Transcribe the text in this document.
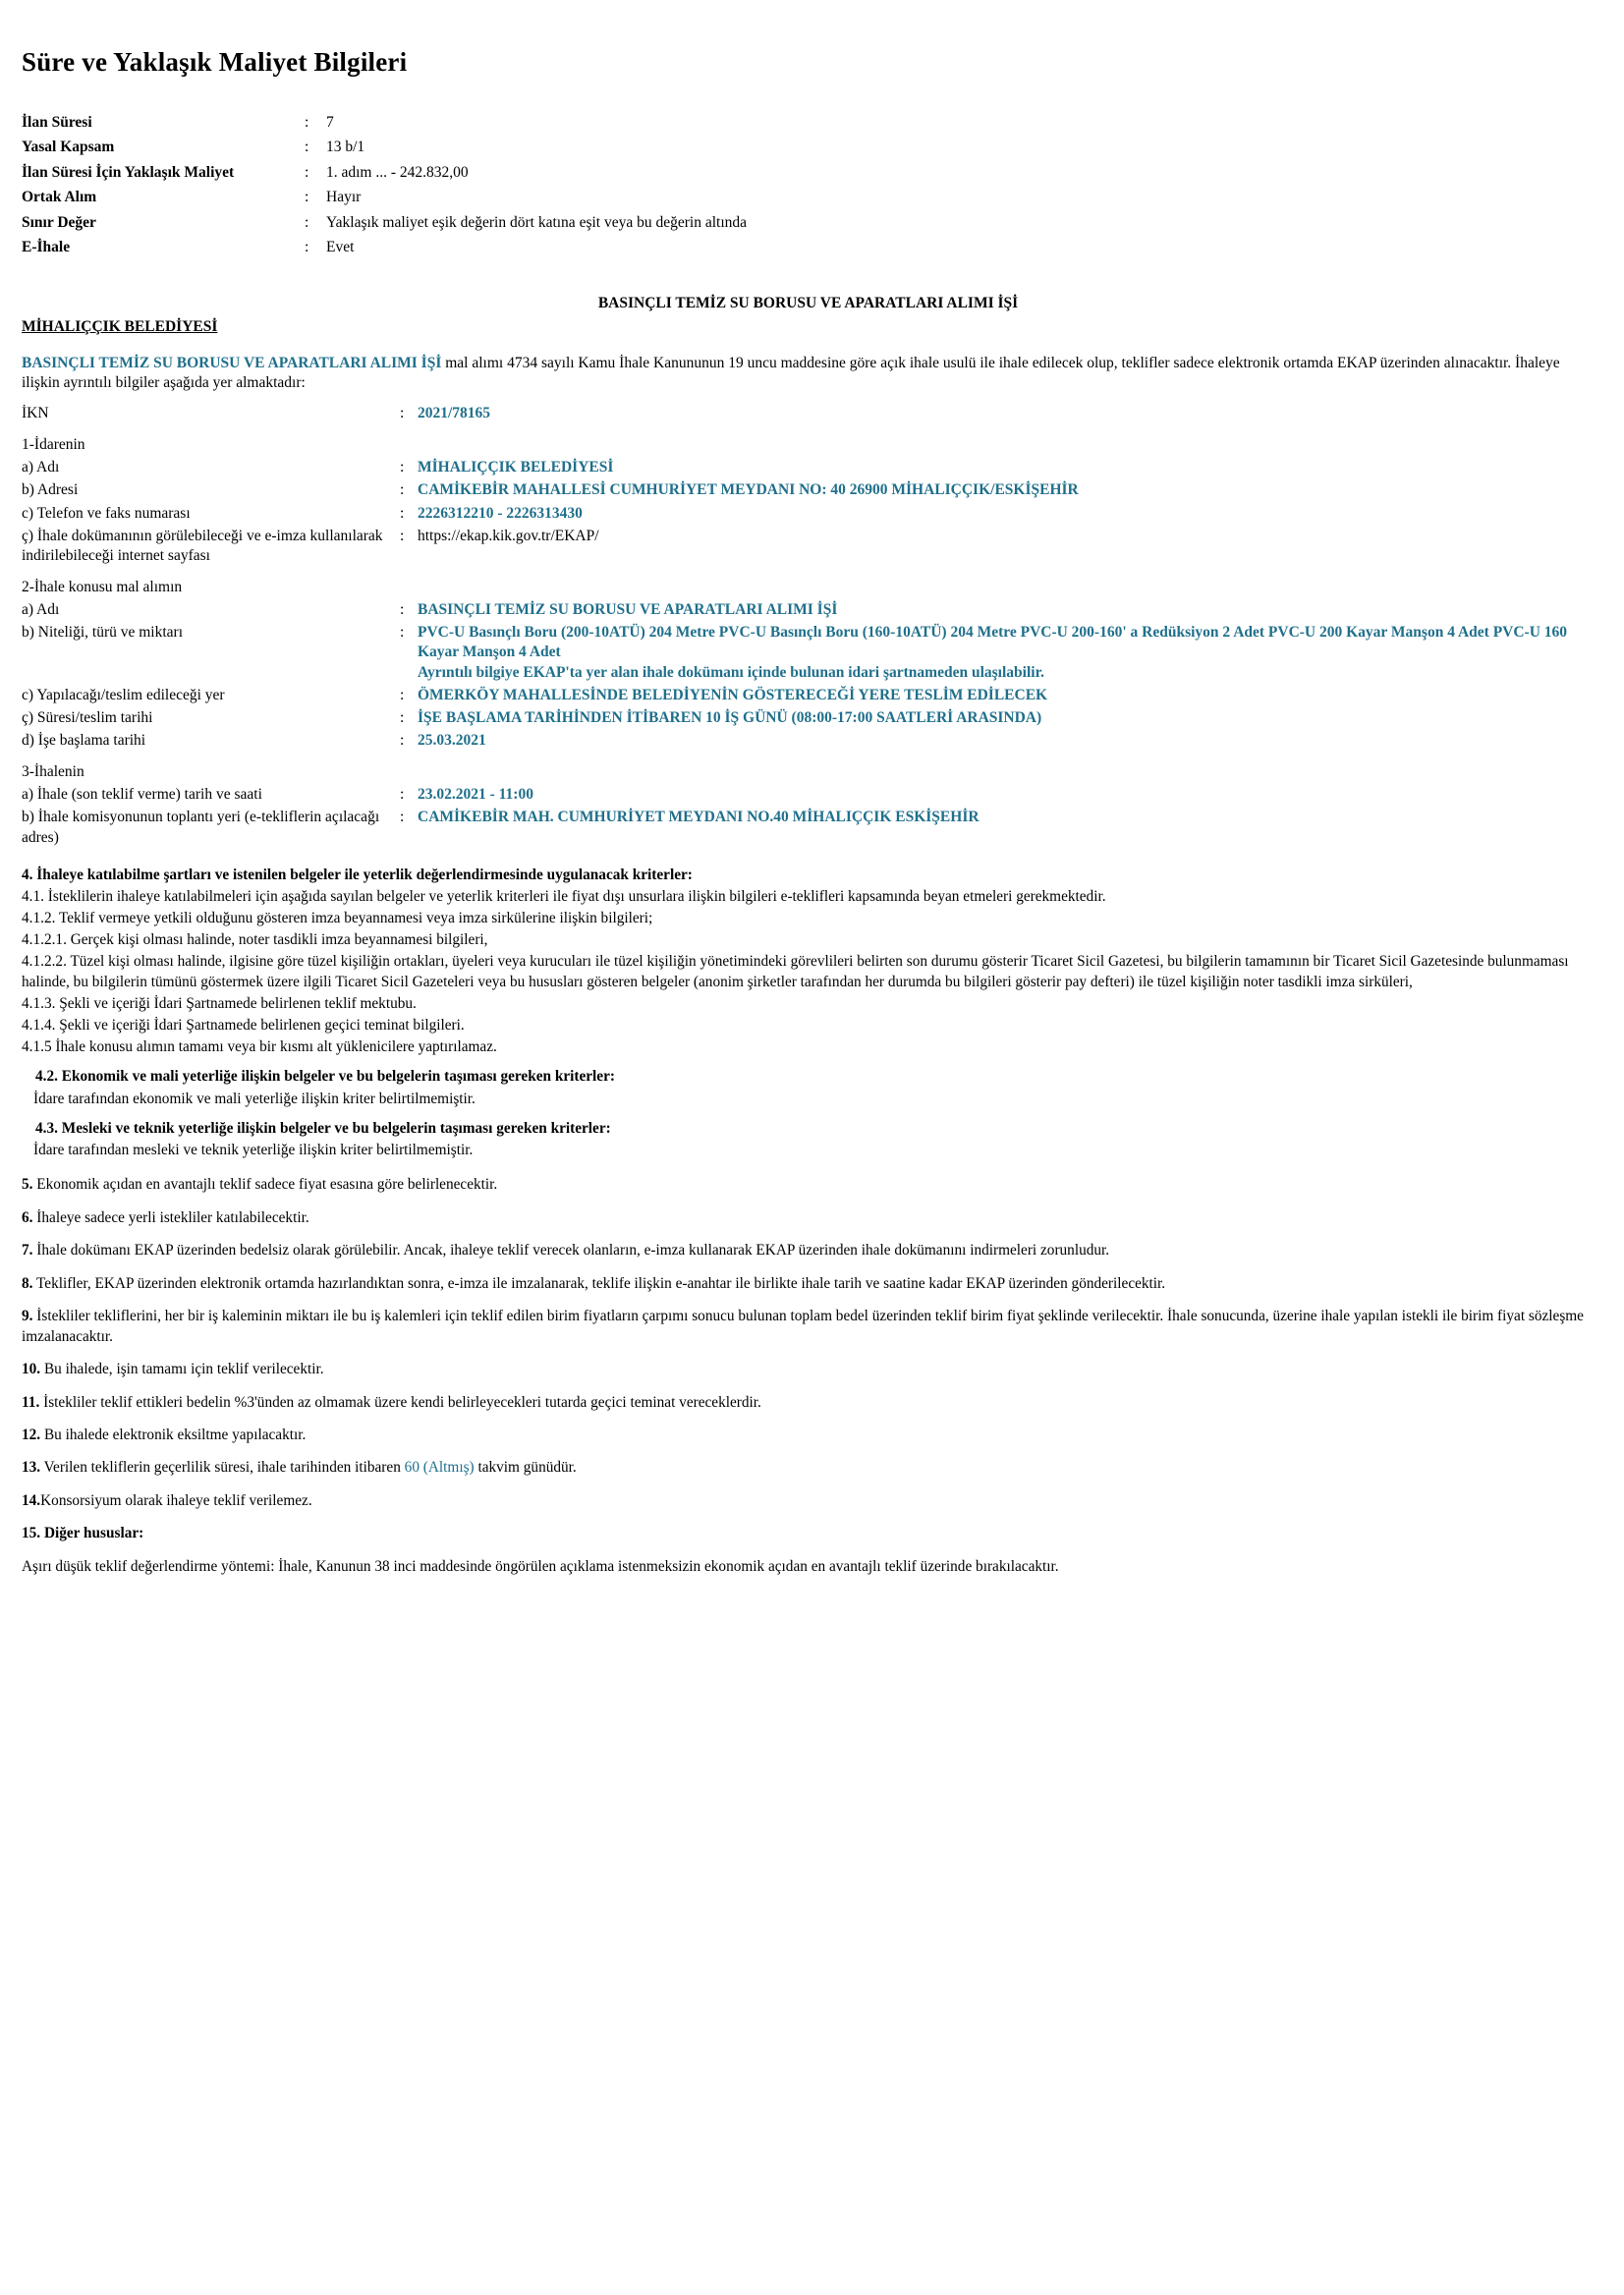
Süre ve Yaklaşık Maliyet Bilgileri
İlan Süresi	:	7
Yasal Kapsam	:	13 b/1
İlan Süresi İçin Yaklaşık Maliyet	:	1. adım ... - 242.832,00
Ortak Alım	:	Hayır
Sınır Değer	:	Yaklaşık maliyet eşik değerin dört katına eşit veya bu değerin altında
E-İhale	:	Evet
BASINÇLI TEMİZ SU BORUSU VE APARATLARI ALIMI İŞİ
MİHALIÇÇIK BELEDİYESİ

BASINÇLI TEMİZ SU BORUSU VE APARATLARI ALIMI İŞİ mal alımı 4734 sayılı Kamu İhale Kanununun 19 uncu maddesine göre açık ihale usulü ile ihale edilecek olup, teklifler sadece elektronik ortamda EKAP üzerinden alınacaktır. İhaleye ilişkin ayrıntılı bilgiler aşağıda yer almaktadır:

İKN	:	2021/78165
1-İdarenin		
a) Adı	:	MİHALIÇÇIK BELEDİYESİ
b) Adresi	:	CAMİKEBİR MAHALLESİ CUMHURİYET MEYDANI NO: 40 26900 MİHALIÇÇIK/ESKİŞEHİR
c) Telefon ve faks numarası	:	2226312210 - 2226313430
ç) İhale dokümanının görülebileceği ve e-imza kullanılarak indirilebileceği internet sayfası	:	https://ekap.kik.gov.tr/EKAP/
2-İhale konusu mal alımın		
a) Adı	:	BASINÇLI TEMİZ SU BORUSU VE APARATLARI ALIMI İŞİ
b) Niteliği, türü ve miktarı	:	PVC-U Basınçlı Boru (200-10ATÜ) 204 Metre PVC-U Basınçlı Boru (160-10ATÜ) 204 Metre PVC-U 200-160' a Redüksiyon 2 Adet PVC-U 200 Kayar Manşon 4 Adet PVC-U 160 Kayar Manşon 4 Adet
Ayrıntılı bilgiye EKAP'ta yer alan ihale dokümanı içinde bulunan idari şartnameden ulaşılabilir.

c) Yapılacağı/teslim edileceği yer	:	ÖMERKÖY MAHALLESİNDE BELEDİYENİN GÖSTERECEĞİ YERE TESLİM EDİLECEK
ç) Süresi/teslim tarihi	:	İŞE BAŞLAMA TARİHİNDEN İTİBAREN 10 İŞ GÜNÜ (08:00-17:00 SAATLERİ ARASINDA)
d) İşe başlama tarihi	:	25.03.2021
3-İhalenin		
a) İhale (son teklif verme) tarih ve saati	:	23.02.2021 - 11:00
b) İhale komisyonunun toplantı yeri (e-tekliflerin açılacağı adres)	:	CAMİKEBİR MAH. CUMHURİYET MEYDANI NO.40 MİHALIÇÇIK ESKİŞEHİR

4. İhaleye katılabilme şartları ve istenilen belgeler ile yeterlik değerlendirmesinde uygulanacak kriterler:

4.1. İsteklilerin ihaleye katılabilmeleri için aşağıda sayılan belgeler ve yeterlik kriterleri ile fiyat dışı unsurlara ilişkin bilgileri e-teklifleri kapsamında beyan etmeleri gerekmektedir.

4.1.2. Teklif vermeye yetkili olduğunu gösteren imza beyannamesi veya imza sirkülerine ilişkin bilgileri;

4.1.2.1. Gerçek kişi olması halinde, noter tasdikli imza beyannamesi bilgileri,

4.1.2.2. Tüzel kişi olması halinde, ilgisine göre tüzel kişiliğin ortakları, üyeleri veya kurucuları ile tüzel kişiliğin yönetimindeki görevlileri belirten son durumu gösterir Ticaret Sicil Gazetesi, bu bilgilerin tamamının bir Ticaret Sicil Gazetesinde bulunmaması halinde, bu bilgilerin tümünü göstermek üzere ilgili Ticaret Sicil Gazeteleri veya bu hususları gösteren belgeler (anonim şirketler tarafından her durumda bu bilgileri gösterir pay defteri) ile tüzel kişiliğin noter tasdikli imza sirküleri,

4.1.3. Şekli ve içeriği İdari Şartnamede belirlenen teklif mektubu.

4.1.4. Şekli ve içeriği İdari Şartnamede belirlenen geçici teminat bilgileri.

4.1.5 İhale konusu alımın tamamı veya bir kısmı alt yüklenicilere yaptırılamaz.

4.2. Ekonomik ve mali yeterliğe ilişkin belgeler ve bu belgelerin taşıması gereken kriterler:

İdare tarafından ekonomik ve mali yeterliğe ilişkin kriter belirtilmemiştir.

4.3. Mesleki ve teknik yeterliğe ilişkin belgeler ve bu belgelerin taşıması gereken kriterler:

İdare tarafından mesleki ve teknik yeterliğe ilişkin kriter belirtilmemiştir.

5. Ekonomik açıdan en avantajlı teklif sadece fiyat esasına göre belirlenecektir.

6. İhaleye sadece yerli istekliler katılabilecektir.

7. İhale dokümanı EKAP üzerinden bedelsiz olarak görülebilir. Ancak, ihaleye teklif verecek olanların, e-imza kullanarak EKAP üzerinden ihale dokümanını indirmeleri zorunludur.

8. Teklifler, EKAP üzerinden elektronik ortamda hazırlandıktan sonra, e-imza ile imzalanarak, teklife ilişkin e-anahtar ile birlikte ihale tarih ve saatine kadar EKAP üzerinden gönderilecektir.

9. İstekliler tekliflerini, her bir iş kaleminin miktarı ile bu iş kalemleri için teklif edilen birim fiyatların çarpımı sonucu bulunan toplam bedel üzerinden teklif birim fiyat şeklinde verilecektir. İhale sonucunda, üzerine ihale yapılan istekli ile birim fiyat sözleşme imzalanacaktır.

10. Bu ihalede, işin tamamı için teklif verilecektir.

11. İstekliler teklif ettikleri bedelin %3'ünden az olmamak üzere kendi belirleyecekleri tutarda geçici teminat vereceklerdir.

12. Bu ihalede elektronik eksiltme yapılacaktır.

13. Verilen tekliflerin geçerlilik süresi, ihale tarihinden itibaren 60 (Altmış) takvim günüdür.

14.Konsorsiyum olarak ihaleye teklif verilemez.

15. Diğer hususlar:

Aşırı düşük teklif değerlendirme yöntemi: İhale, Kanunun 38 inci maddesinde öngörülen açıklama istenmeksizin ekonomik açıdan en avantajlı teklif üzerinde bırakılacaktır.
